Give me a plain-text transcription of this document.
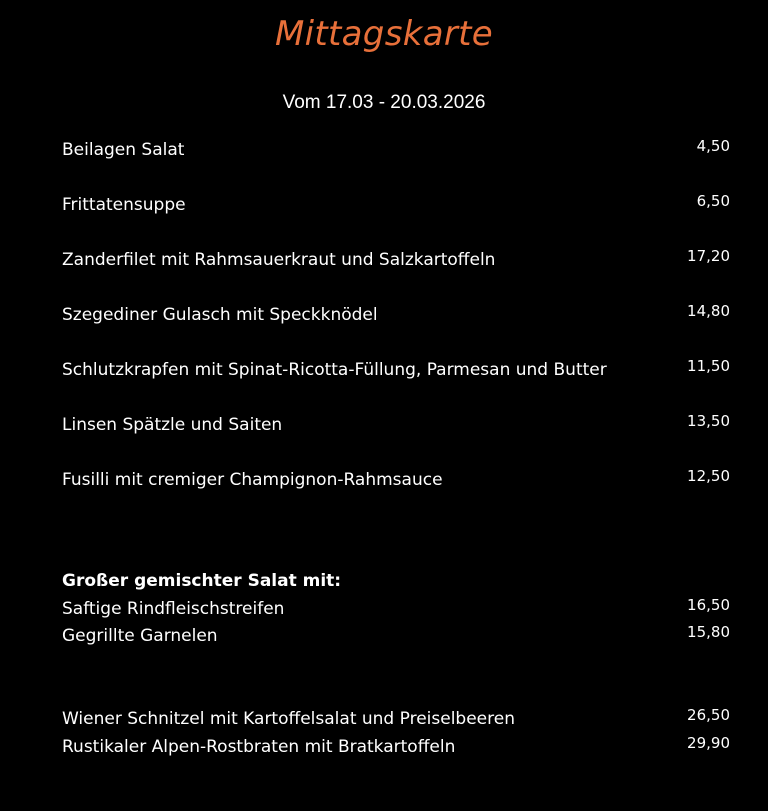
Mittagskarte
Vom 17.03 - 20.03.2026
Beilagen Salat	4,50
Frittatensuppe	6,50
Zanderfilet mit Rahmsauerkraut und Salzkartoffeln	17,20
Szegediner Gulasch mit Speckknödel	14,80
Schlutzkrapfen mit Spinat-Ricotta-Füllung, Parmesan und Butter	11,50
Linsen Spätzle und Saiten	13,50
Fusilli mit cremiger Champignon-Rahmsauce	12,50
Großer gemischter Salat mit:
Saftige Rindfleischstreifen	16,50
Gegrillte Garnelen	15,80
Wiener Schnitzel mit Kartoffelsalat und Preiselbeeren	26,50
Rustikaler Alpen-Rostbraten mit Bratkartoffeln	29,90
